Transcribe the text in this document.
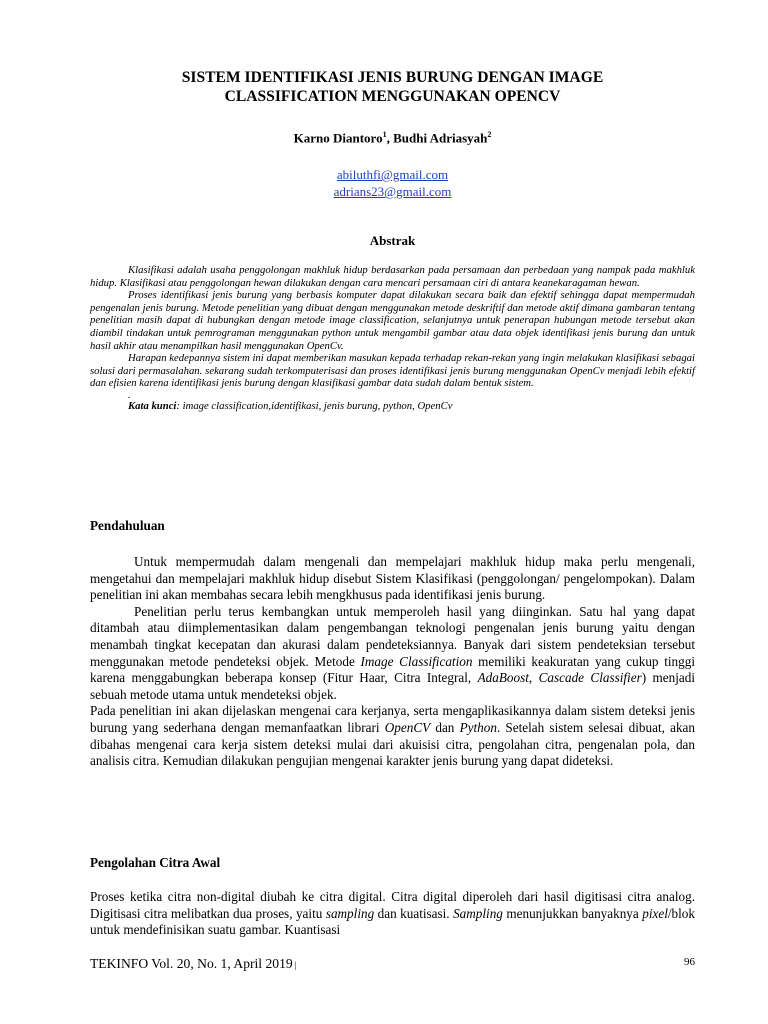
SISTEM IDENTIFIKASI JENIS BURUNG DENGAN IMAGE
CLASSIFICATION MENGGUNAKAN OPENCV

Karno Diantoro$^1$, Budhi Adriasyah$^2$

abiluthfi@gmail.com
adrians23@gmail.com
Abstrak

Klasifikasi adalah usaha penggolongan makhluk hidup berdasarkan pada persamaan dan perbedaan yang nampak pada makhluk hidup. Klasifikasi atau penggolongan hewan dilakukan dengan cara mencari persamaan ciri di antara keanekaragaman hewan.

Proses identifikasi jenis burung yang berbasis komputer dapat dilakukan secara baik dan efektif sehingga dapat mempermudah pengenalan jenis burung. Metode penelitian yang dibuat dengan menggunakan metode deskriftif dan metode aktif dimana gambaran tentang penelitian masih dapat di hubungkan dengan metode image classification, selanjutnya untuk penerapan hubungan metode tersebut akan diambil tindakan untuk pemrograman menggunakan python untuk mengambil gambar atau data objek identifikasi jenis burung dan untuk hasil akhir atau menampilkan hasil menggunakan OpenCv.

Harapan kedepannya sistem ini dapat memberikan masukan kepada terhadap rekan-rekan yang ingin melakukan klasifikasi sebagai solusi dari permasalahan. sekarang sudah terkomputerisasi dan proses identifikasi jenis burung menggunakan OpenCv menjadi lebih efektif dan efisien karena identifikasi jenis burung dengan klasifikasi gambar data sudah dalam bentuk sistem.

.

Kata kunci: image classification,identifikasi, jenis burung, python, OpenCv

Pendahuluan

Untuk mempermudah dalam mengenali dan mempelajari makhluk hidup maka perlu mengenali, mengetahui dan mempelajari makhluk hidup disebut Sistem Klasifikasi (penggolongan/ pengelompokan). Dalam penelitian ini akan membahas secara lebih mengkhusus pada identifikasi jenis burung.

Penelitian perlu terus kembangkan untuk memperoleh hasil yang diinginkan. Satu hal yang dapat ditambah atau diimplementasikan dalam pengembangan teknologi pengenalan jenis burung yaitu dengan menambah tingkat kecepatan dan akurasi dalam pendeteksiannya. Banyak dari sistem pendeteksian tersebut menggunakan metode pendeteksi objek. Metode Image Classification memiliki keakuratan yang cukup tinggi karena menggabungkan beberapa konsep (Fitur Haar, Citra Integral, AdaBoost, Cascade Classifier) menjadi sebuah metode utama untuk mendeteksi objek.

Pada penelitian ini akan dijelaskan mengenai cara kerjanya, serta mengaplikasikannya dalam sistem deteksi jenis burung yang sederhana dengan memanfaatkan librari OpenCV dan Python. Setelah sistem selesai dibuat, akan dibahas mengenai cara kerja sistem deteksi mulai dari akuisisi citra, pengolahan citra, pengenalan pola, dan analisis citra. Kemudian dilakukan pengujian mengenai karakter jenis burung yang dapat dideteksi.

Pengolahan Citra Awal

Proses ketika citra non-digital diubah ke citra digital. Citra digital diperoleh dari hasil digitisasi citra analog. Digitisasi citra melibatkan dua proses, yaitu sampling dan kuatisasi. Sampling menunjukkan banyaknya pixel/blok untuk mendefinisikan suatu gambar. Kuantisasi

TEKINFO Vol. 20, No. 1, April 2019 |	96
